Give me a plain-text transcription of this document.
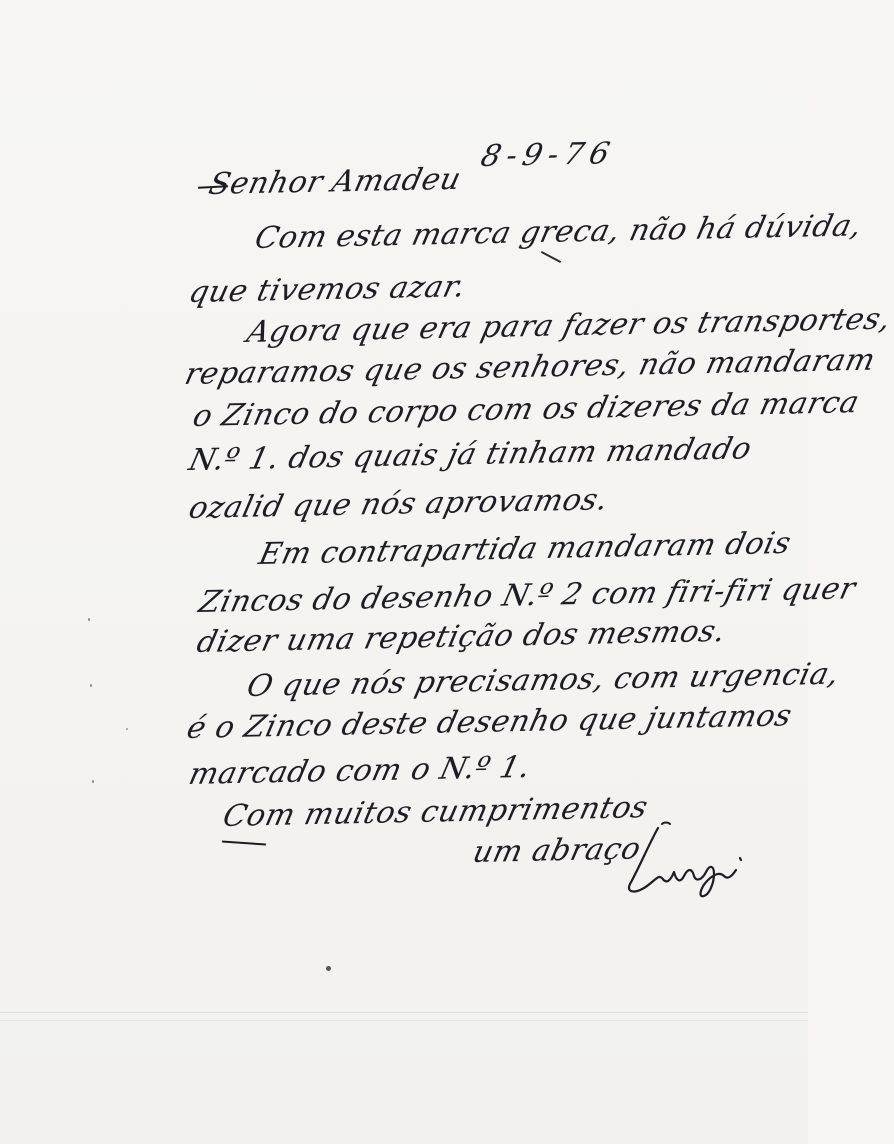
8-9-76
Senhor Amadeu
Com esta marca greca, não há dúvida,
que tivemos azar.
Agora que era para fazer os transportes,
reparamos que os senhores, não mandaram
o Zinco do corpo com os dizeres da marca
N.º 1. dos quais já tinham mandado
ozalid que nós aprovamos.
Em contrapartida mandaram dois
Zincos do desenho N.º 2 com firi-firi quer
dizer uma repetição dos mesmos.
O que nós precisamos, com urgencia,
é o Zinco deste desenho que juntamos
marcado com o N.º 1.
Com muitos cumprimentos
um abraço
